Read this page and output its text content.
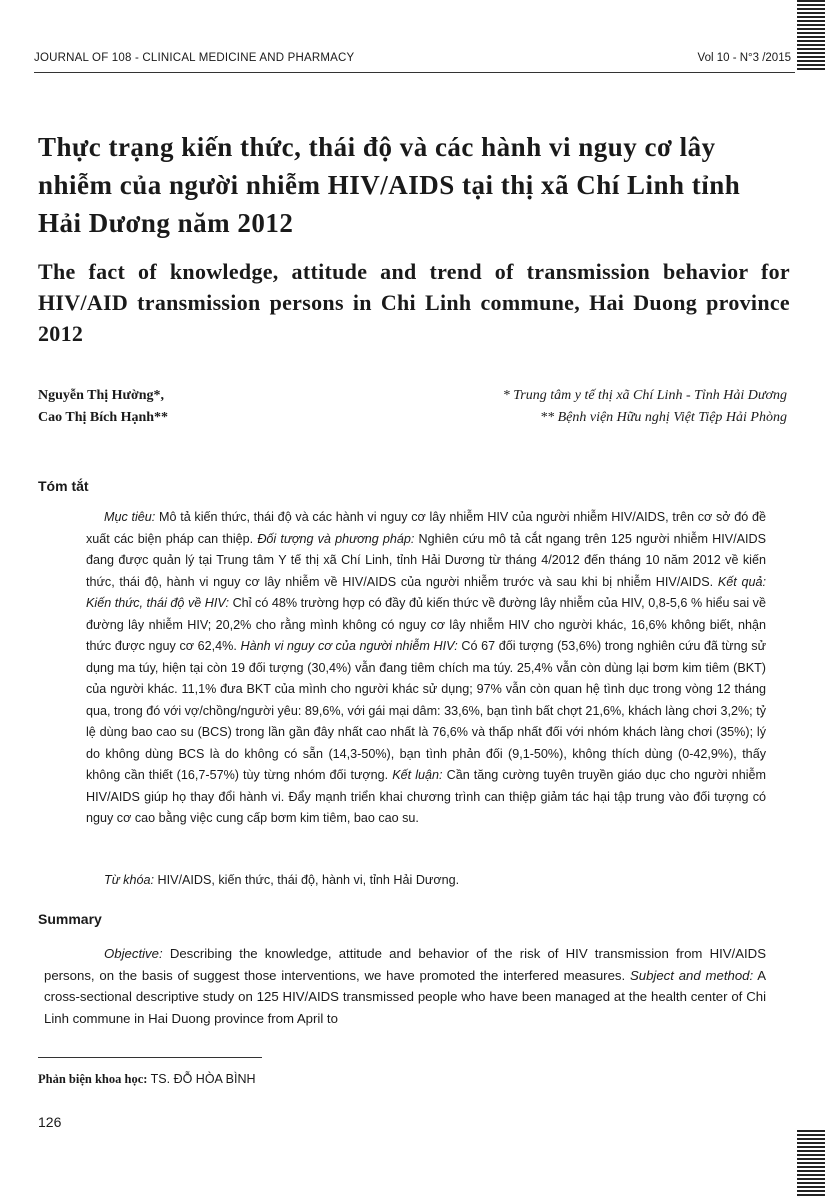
JOURNAL OF 108 - CLINICAL MEDICINE AND PHARMACY	Vol 10 - N°3 /2015
Thực trạng kiến thức, thái độ và các hành vi nguy cơ lây nhiễm của người nhiễm HIV/AIDS tại thị xã Chí Linh tỉnh Hải Dương năm 2012
The fact of knowledge, attitude and trend of transmission behavior for HIV/AID transmission persons in Chi Linh commune, Hai Duong province 2012
Nguyễn Thị Hường*,
Cao Thị Bích Hạnh**
* Trung tâm y tế thị xã Chí Linh - Tỉnh Hải Dương
** Bệnh viện Hữu nghị Việt Tiệp Hải Phòng
Tóm tắt

Mục tiêu: Mô tả kiến thức, thái độ và các hành vi nguy cơ lây nhiễm HIV của người nhiễm HIV/AIDS, trên cơ sở đó đề xuất các biện pháp can thiệp. Đối tượng và phương pháp: Nghiên cứu mô tả cắt ngang trên 125 người nhiễm HIV/AIDS đang được quản lý tại Trung tâm Y tế thị xã Chí Linh, tỉnh Hải Dương từ tháng 4/2012 đến tháng 10 năm 2012 về kiến thức, thái độ, hành vi nguy cơ lây nhiễm về HIV/AIDS của người nhiễm trước và sau khi bị nhiễm HIV/AIDS. Kết quả: Kiến thức, thái độ về HIV: Chỉ có 48% trường hợp có đầy đủ kiến thức về đường lây nhiễm của HIV, 0,8-5,6 % hiểu sai về đường lây nhiễm HIV; 20,2% cho rằng mình không có nguy cơ lây nhiễm HIV cho người khác, 16,6% không biết, nhận thức được nguy cơ 62,4%. Hành vi nguy cơ của người nhiễm HIV: Có 67 đối tượng (53,6%) trong nghiên cứu đã từng sử dụng ma túy, hiện tại còn 19 đối tượng (30,4%) vẫn đang tiêm chích ma túy. 25,4% vẫn còn dùng lại bơm kim tiêm (BKT) của người khác. 11,1% đưa BKT của mình cho người khác sử dụng; 97% vẫn còn quan hệ tình dục trong vòng 12 tháng qua, trong đó với vợ/chồng/người yêu: 89,6%, với gái mại dâm: 33,6%, bạn tình bất chợt 21,6%, khách làng chơi 3,2%; tỷ lệ dùng bao cao su (BCS) trong lần gần đây nhất cao nhất là 76,6% và thấp nhất đối với nhóm khách làng chơi (35%); lý do không dùng BCS là do không có sẵn (14,3-50%), bạn tình phản đối (9,1-50%), không thích dùng (0-42,9%), thấy không cần thiết (16,7-57%) tùy từng nhóm đối tượng. Kết luận: Cần tăng cường tuyên truyền giáo dục cho người nhiễm HIV/AIDS giúp họ thay đổi hành vi. Đẩy mạnh triển khai chương trình can thiệp giảm tác hại tập trung vào đối tượng có nguy cơ cao bằng việc cung cấp bơm kim tiêm, bao cao su.

Từ khóa: HIV/AIDS, kiến thức, thái độ, hành vi, tỉnh Hải Dương.
Summary

Objective: Describing the knowledge, attitude and behavior of the risk of HIV transmission from HIV/AIDS persons, on the basis of suggest those interventions, we have promoted the interfered measures. Subject and method: A cross-sectional descriptive study on 125 HIV/AIDS transmissed people who have been managed at the health center of Chi Linh commune in Hai Duong province from April to

Phản biện khoa học: TS. ĐỖ HÒA BÌNH
126
